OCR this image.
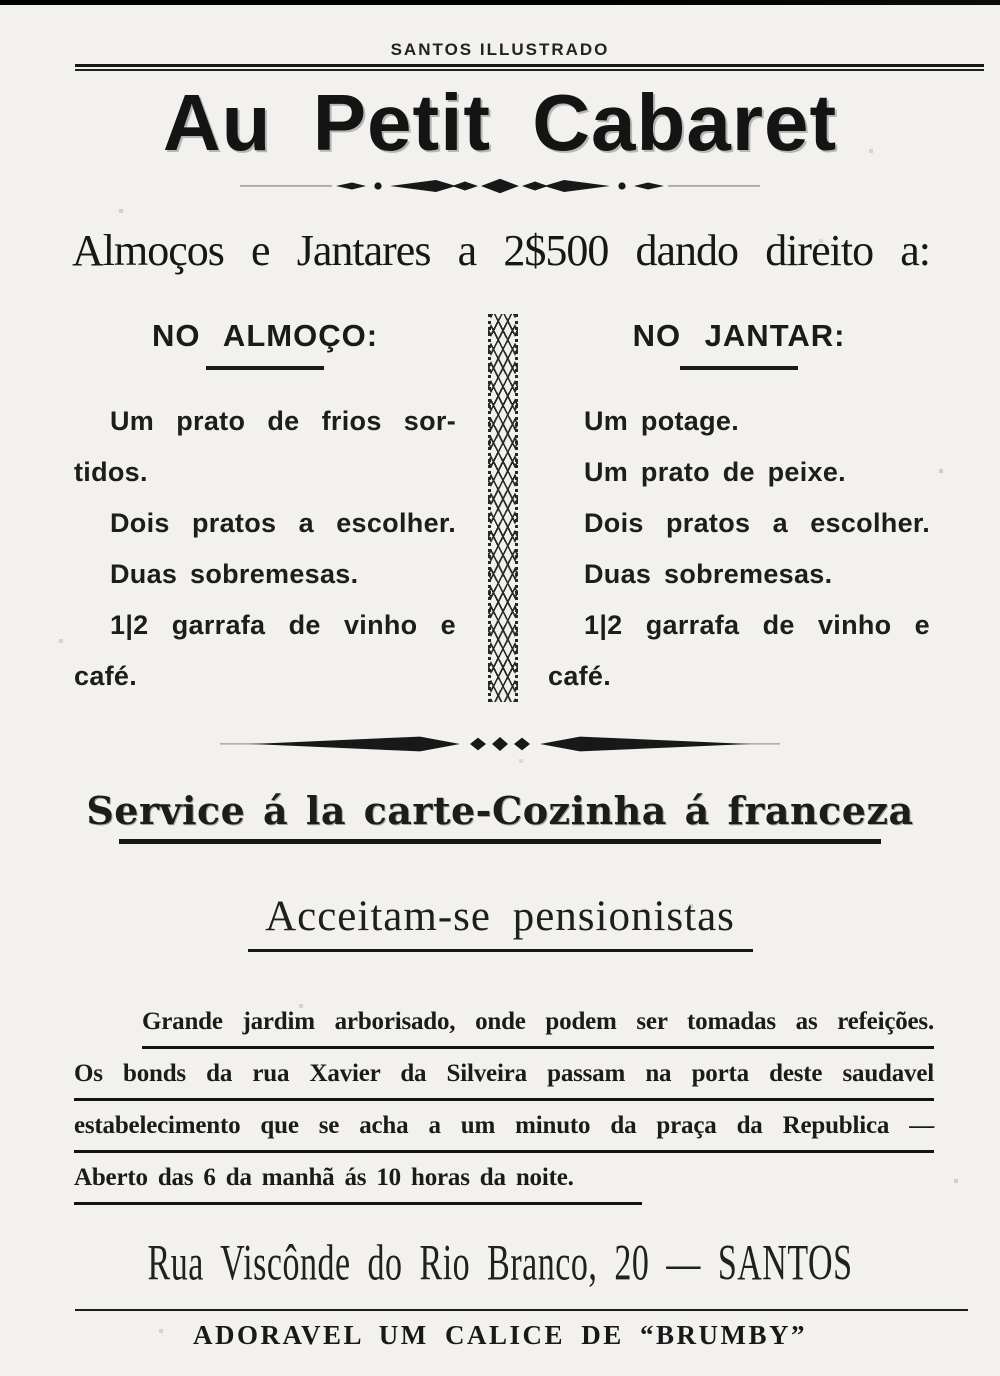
SANTOS ILLUSTRADO
Au Petit Cabaret
Almoços e Jantares a 2$500 dando direito a:
NO ALMOÇO:
Um prato de frios sor-
tidos.
Dois pratos a escolher.
Duas sobremesas.
1|2 garrafa de vinho e
café.
NO JANTAR:
Um potage.
Um prato de peixe.
Dois pratos a escolher.
Duas sobremesas.
1|2 garrafa de vinho e
café.
Service á la carte-Cozinha á franceza
Acceitam-se pensionistas
Grande jardim arborisado, onde podem ser tomadas as refeições.
Os bonds da rua Xavier da Silveira passam na porta deste saudavel
estabelecimento que se acha a um minuto da praça da Republica —
Aberto das 6 da manhã ás 10 horas da noite.
Rua Viscônde do Rio Branco, 20 — SANTOS
ADORAVEL UM CALICE DE “BRUMBY”
